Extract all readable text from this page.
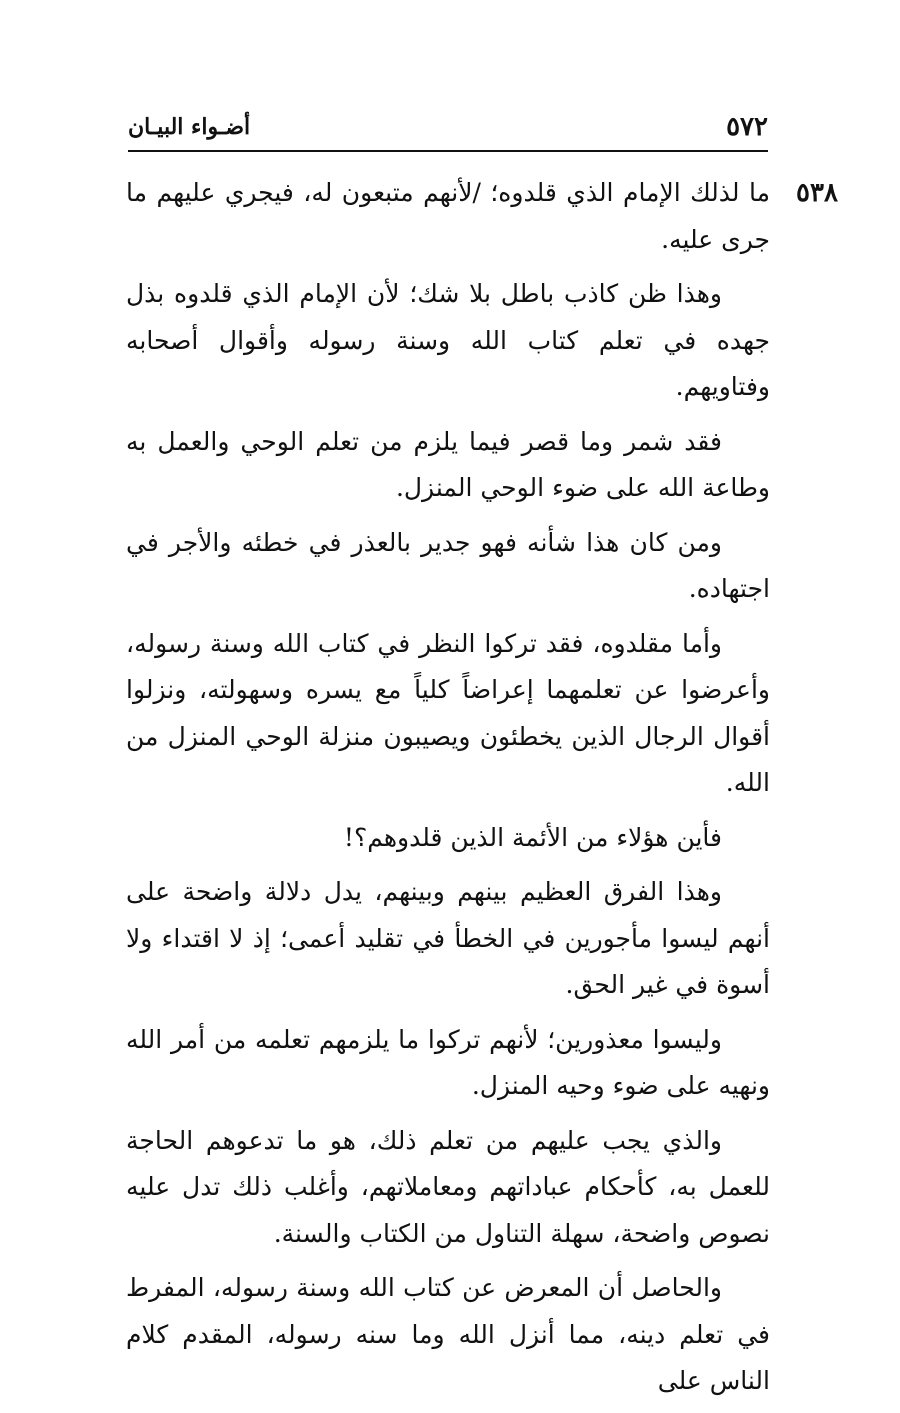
أضـواء البيـان	٥٧٢
٥٣٨

ما لذلك الإمام الذي قلدوه؛ /لأنهم متبعون له، فيجري عليهم ما جرى عليه.

وهذا ظن كاذب باطل بلا شك؛ لأن الإمام الذي قلدوه بذل جهده في تعلم كتاب الله وسنة رسوله وأقوال أصحابه وفتاويهم.

فقد شمر وما قصر فيما يلزم من تعلم الوحي والعمل به وطاعة الله على ضوء الوحي المنزل.

ومن كان هذا شأنه فهو جدير بالعذر في خطئه والأجر في اجتهاده.

وأما مقلدوه، فقد تركوا النظر في كتاب الله وسنة رسوله، وأعرضوا عن تعلمهما إعراضاً كلياً مع يسره وسهولته، ونزلوا أقوال الرجال الذين يخطئون ويصيبون منزلة الوحي المنزل من الله.

فأين هؤلاء من الأئمة الذين قلدوهم؟!

وهذا الفرق العظيم بينهم وبينهم، يدل دلالة واضحة على أنهم ليسوا مأجورين في الخطأ في تقليد أعمى؛ إذ لا اقتداء ولا أسوة في غير الحق.

وليسوا معذورين؛ لأنهم تركوا ما يلزمهم تعلمه من أمر الله ونهيه على ضوء وحيه المنزل.

والذي يجب عليهم من تعلم ذلك، هو ما تدعوهم الحاجة للعمل به، كأحكام عباداتهم ومعاملاتهم، وأغلب ذلك تدل عليه نصوص واضحة، سهلة التناول من الكتاب والسنة.

والحاصل أن المعرض عن كتاب الله وسنة رسوله، المفرط في تعلم دينه، مما أنزل الله وما سنه رسوله، المقدم كلام الناس على
